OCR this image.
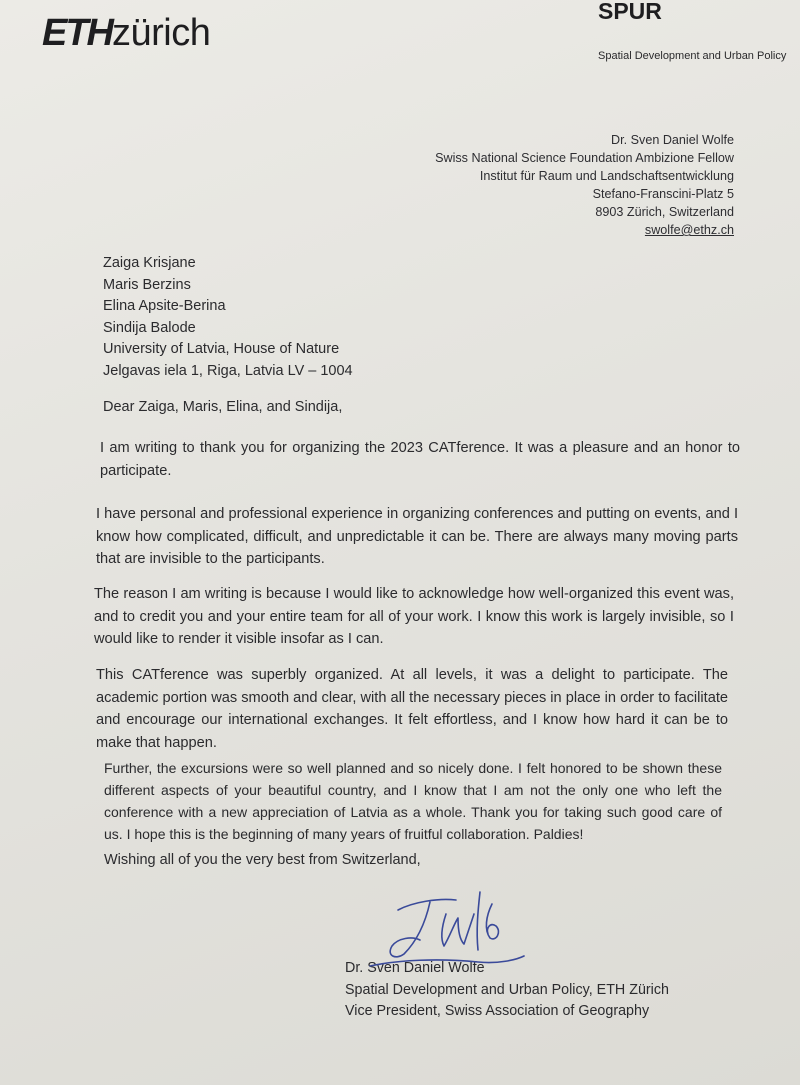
ETHzürich
SPUR
Spatial Development and Urban Policy
Dr. Sven Daniel Wolfe
Swiss National Science Foundation Ambizione Fellow
Institut für Raum und Landschaftsentwicklung
Stefano-Franscini-Platz 5
8903 Zürich, Switzerland
swolfe@ethz.ch
Zaiga Krisjane
Maris Berzins
Elina Apsite-Berina
Sindija Balode
University of Latvia, House of Nature
Jelgavas iela 1, Riga, Latvia LV – 1004
Dear Zaiga, Maris, Elina, and Sindija,

I am writing to thank you for organizing the 2023 CATference. It was a pleasure and an honor to participate.

I have personal and professional experience in organizing conferences and putting on events, and I know how complicated, difficult, and unpredictable it can be. There are always many moving parts that are invisible to the participants.

The reason I am writing is because I would like to acknowledge how well-organized this event was, and to credit you and your entire team for all of your work. I know this work is largely invisible, so I would like to render it visible insofar as I can.

This CATference was superbly organized. At all levels, it was a delight to participate. The academic portion was smooth and clear, with all the necessary pieces in place in order to facilitate and encourage our international exchanges. It felt effortless, and I know how hard it can be to make that happen.

Further, the excursions were so well planned and so nicely done. I felt honored to be shown these different aspects of your beautiful country, and I know that I am not the only one who left the conference with a new appreciation of Latvia as a whole. Thank you for taking such good care of us. I hope this is the beginning of many years of fruitful collaboration. Paldies!

Wishing all of you the very best from Switzerland,
Dr. Sven Daniel Wolfe
Spatial Development and Urban Policy, ETH Zürich
Vice President, Swiss Association of Geography
